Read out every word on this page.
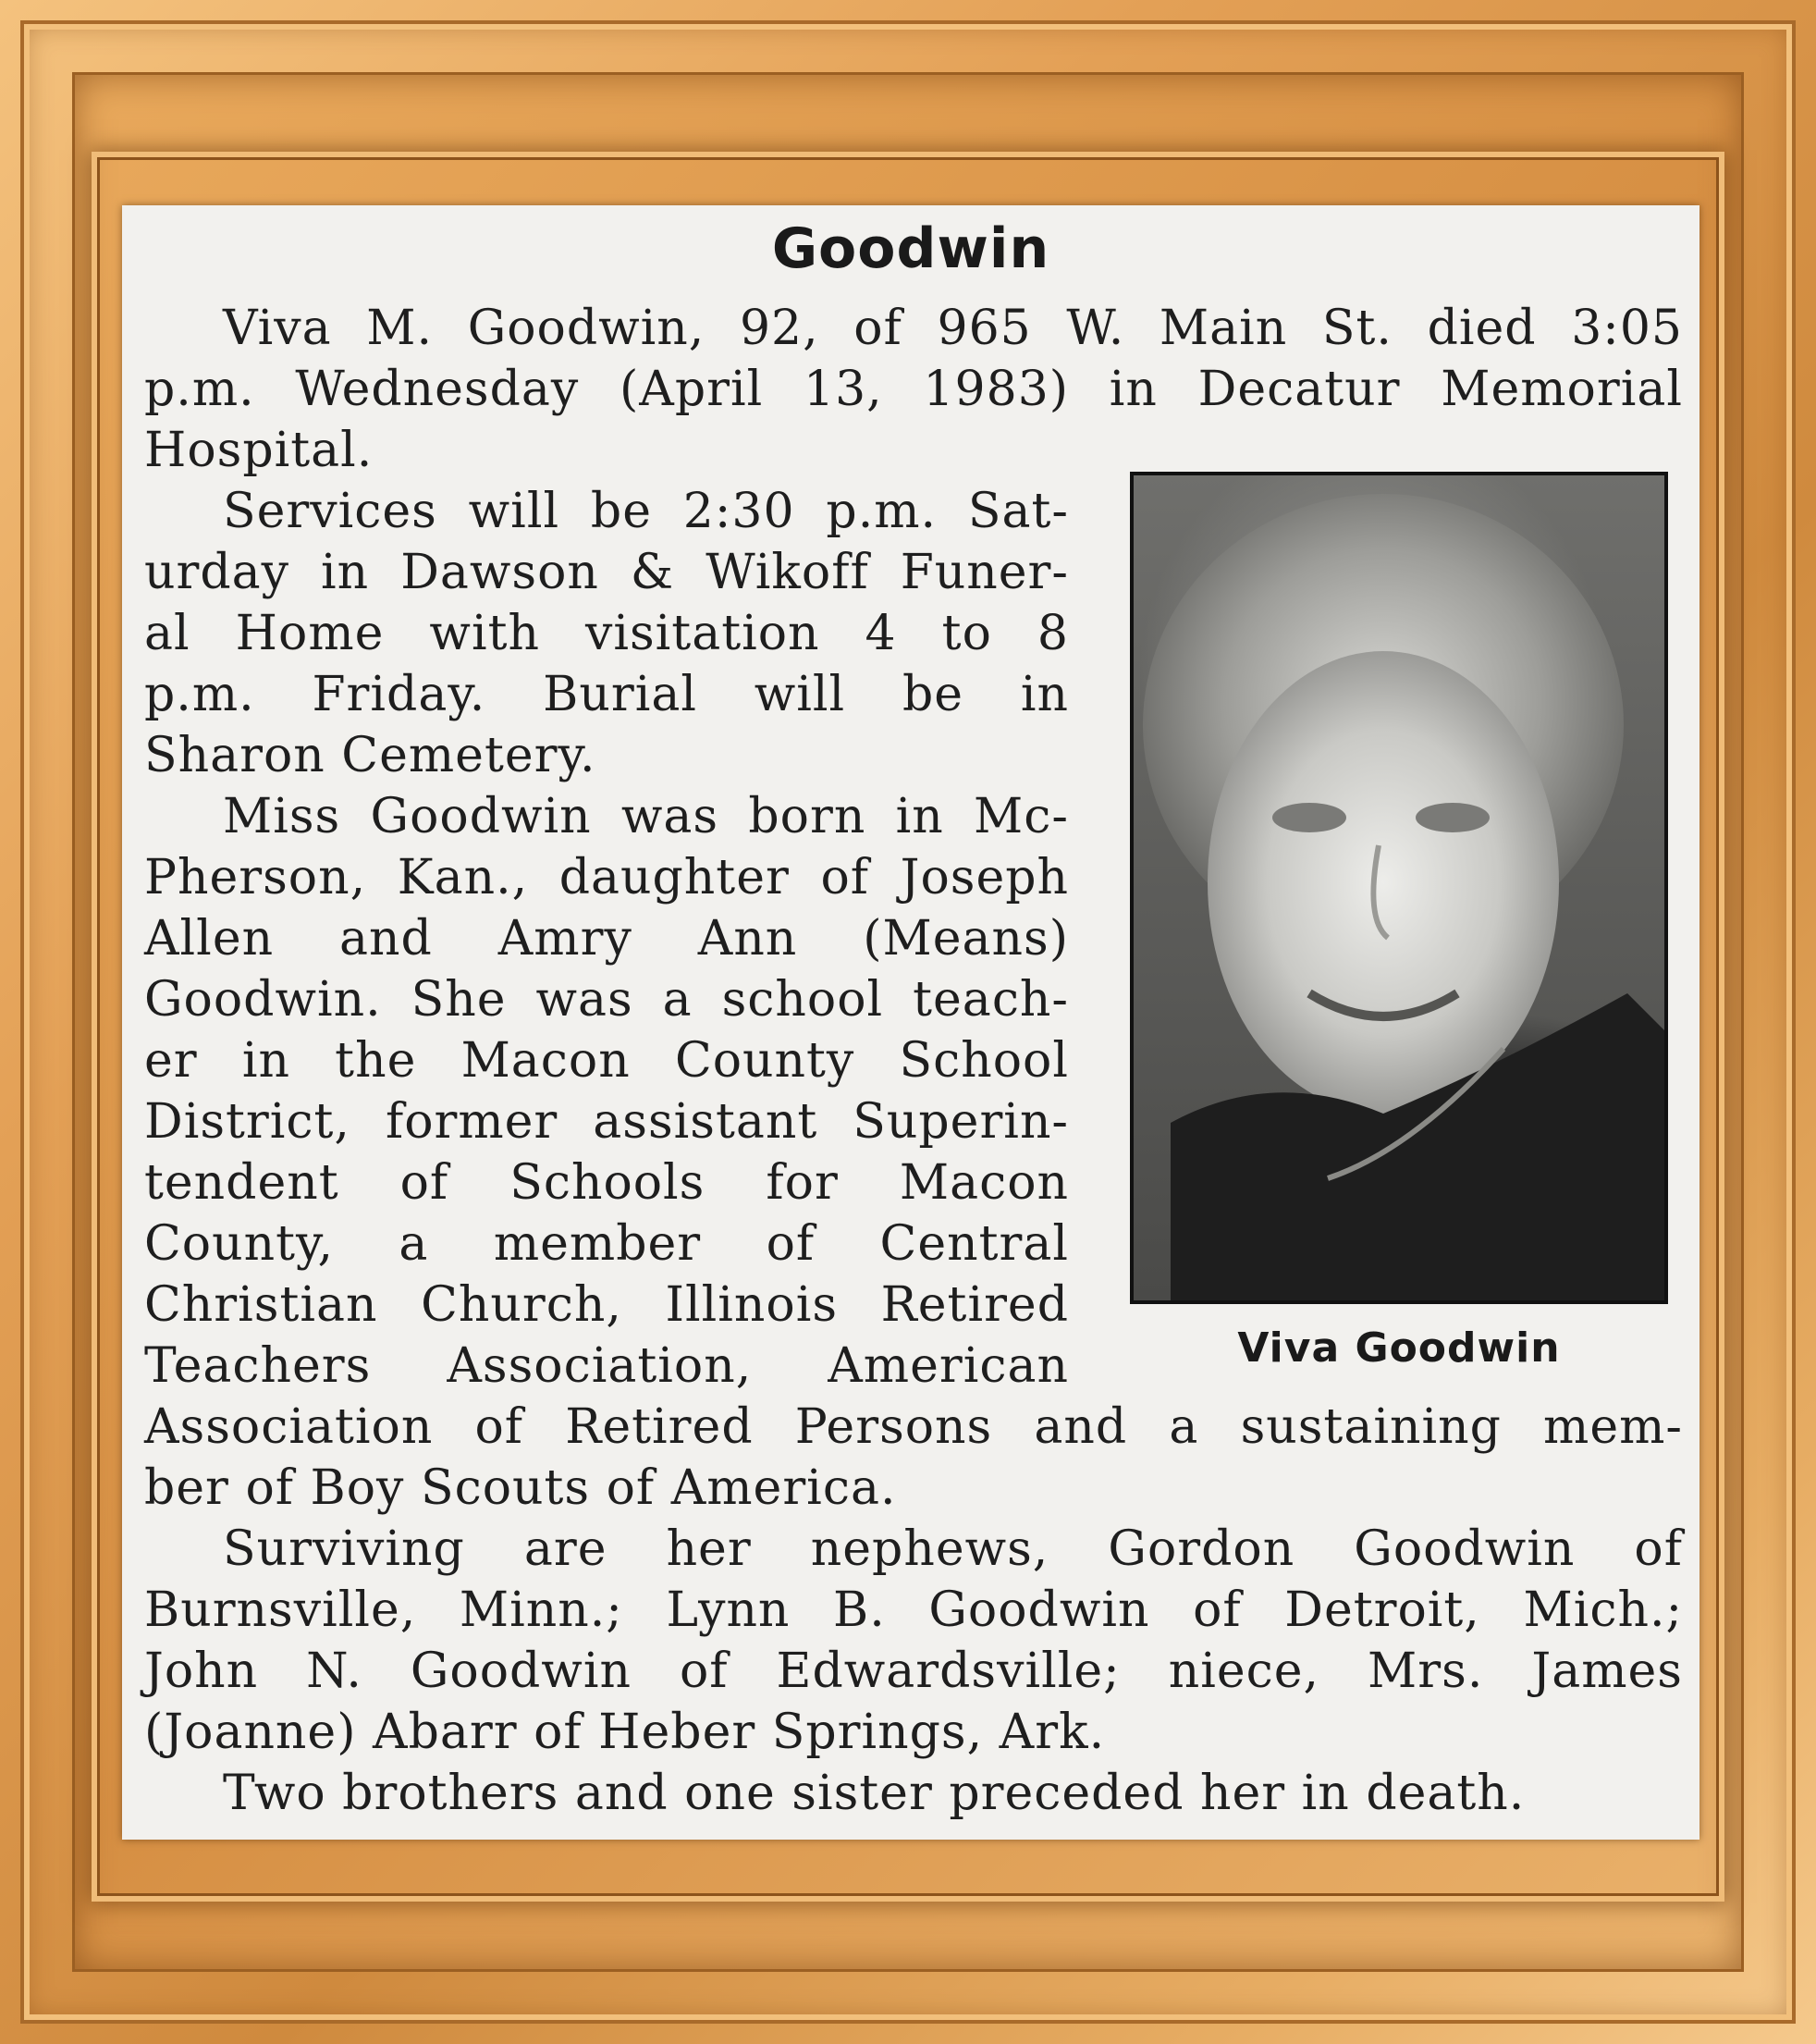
Goodwin

Viva M. Goodwin, 92, of 965 W. Main St. died 3:05

p.m. Wednesday (April 13, 1983) in Decatur Memorial

Hospital.

Services will be 2:30 p.m. Sat-

urday in Dawson & Wikoff Funer-

al Home with visitation 4 to 8

p.m. Friday. Burial will be in

Sharon Cemetery.

Miss Goodwin was born in Mc-

Pherson, Kan., daughter of Joseph

Allen and Amry Ann (Means)

Goodwin. She was a school teach-

er in the Macon County School

District, former assistant Superin-

tendent of Schools for Macon

County, a member of Central

Christian Church, Illinois Retired

Teachers Association, American

Association of Retired Persons and a sustaining mem-

ber of Boy Scouts of America.

Surviving are her nephews, Gordon Goodwin of

Burnsville, Minn.; Lynn B. Goodwin of Detroit, Mich.;

John N. Goodwin of Edwardsville; niece, Mrs. James

(Joanne) Abarr of Heber Springs, Ark.

Two brothers and one sister preceded her in death.

Viva Goodwin
